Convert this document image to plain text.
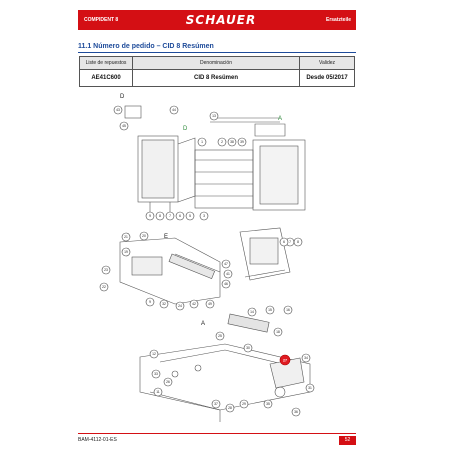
COMPIDENT 8	SCHAUER	Ersatzteile
11.1 Número de pedido – CID 8 Resúmen
Liste de repuestos	Denominación	Validez
AE41C600	CID 8 Resümen	Desde 05/2017
D
D
A
E
A
43	44
45
13
2 38 39
1
9 8 7 6 5	3
21	20
19
7 8
6
23
22
47
41
46
9	32	24	42	49
25
14	15	16
18
30
12
33
11
26
37
28
29
27
34
35
36
31
BAM-4112-01-ES	52
